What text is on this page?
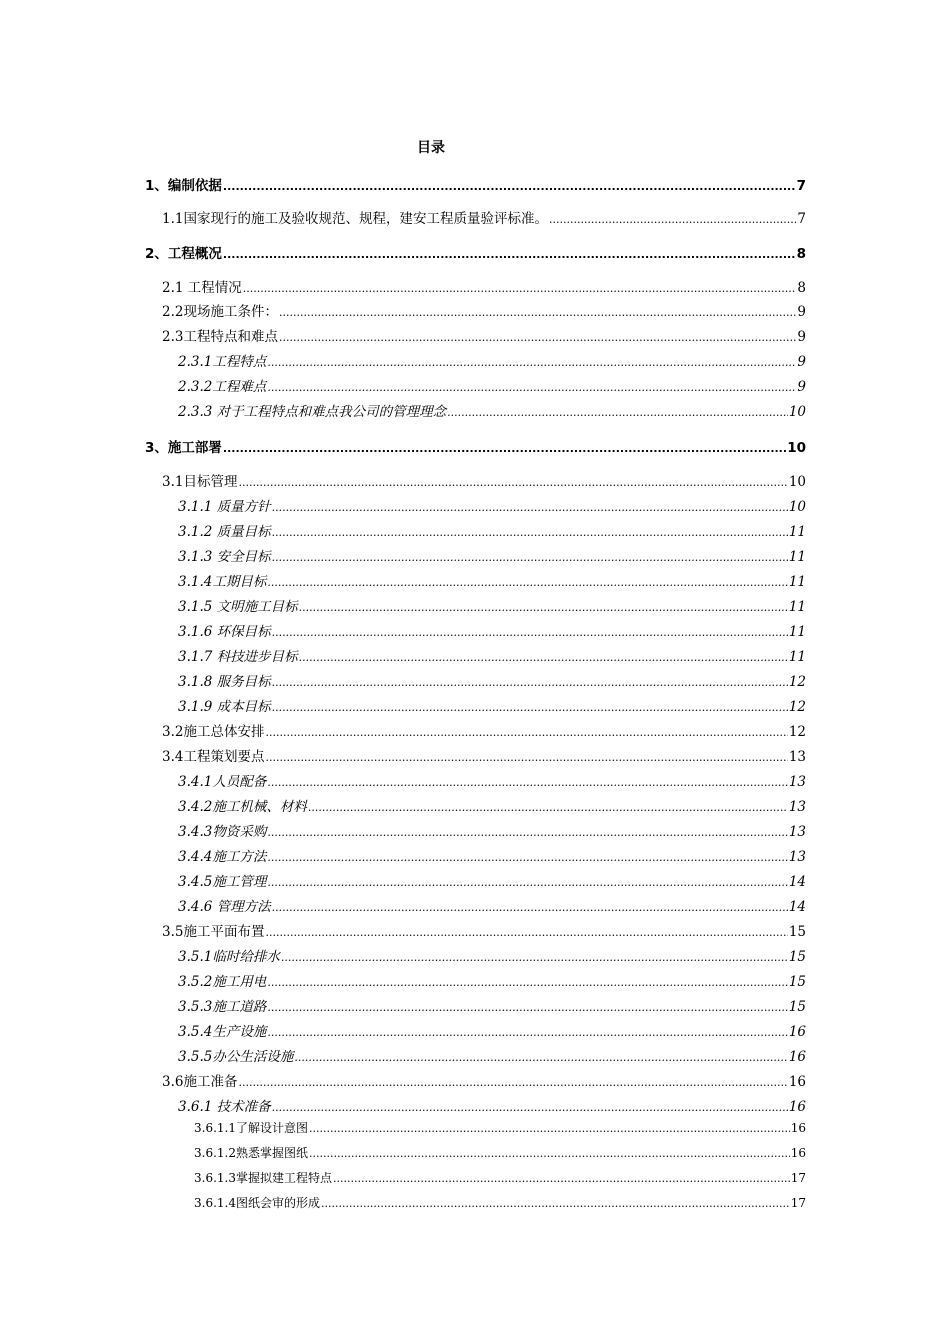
目录
1、编制依据 .....	7
1.1国家现行的施工及验收规范、规程，建安工程质量验评标准。 .....	7
2、工程概况 .....	8
2.1 工程情况 .....	8
2.2现场施工条件： .....	9
2.3工程特点和难点 .....	9
2.3.1工程特点 .....	9
2.3.2工程难点 .....	9
2.3.3 对于工程特点和难点我公司的管理理念 .....	10
3、施工部署 .....	10
3.1目标管理 .....	10
3.1.1 质量方针 .....	10
3.1.2 质量目标 .....	11
3.1.3 安全目标 .....	11
3.1.4工期目标 .....	11
3.1.5 文明施工目标 .....	11
3.1.6 环保目标 .....	11
3.1.7 科技进步目标 .....	11
3.1.8 服务目标 .....	12
3.1.9 成本目标 .....	12
3.2施工总体安排 .....	12
3.4工程策划要点 .....	13
3.4.1人员配备 .....	13
3.4.2施工机械、材料 .....	13
3.4.3物资采购 .....	13
3.4.4施工方法 .....	13
3.4.5施工管理 .....	14
3.4.6 管理方法 .....	14
3.5施工平面布置 .....	15
3.5.1临时给排水 .....	15
3.5.2施工用电 .....	15
3.5.3施工道路 .....	15
3.5.4生产设施 .....	16
3.5.5办公生活设施 .....	16
3.6施工准备 .....	16
3.6.1 技术准备 .....	16
3.6.1.1了解设计意图 .....	16
3.6.1.2熟悉掌握图纸 .....	16
3.6.1.3掌握拟建工程特点 .....	17
3.6.1.4图纸会审的形成 .....	17
